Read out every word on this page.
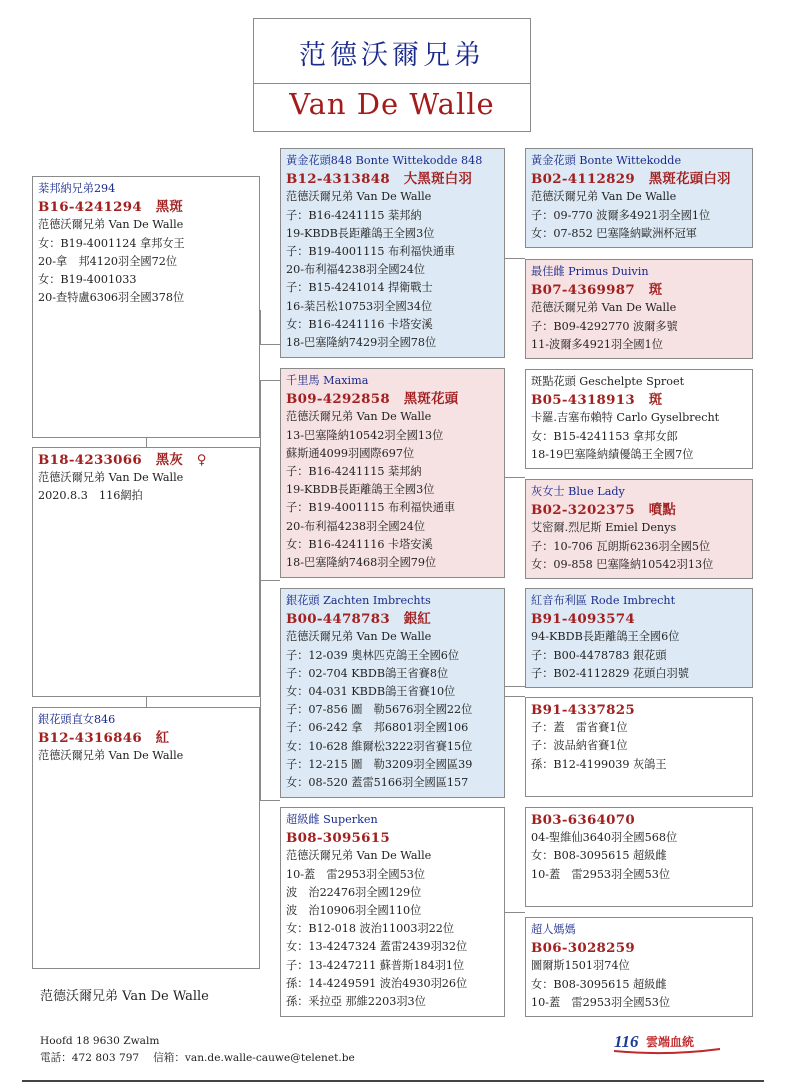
范德沃爾兄弟
Van De Walle
B18-4233066　黑灰　♀
范德沃爾兄弟 Van De Walle
2020.8.3　116網拍
棻邦納兄弟294
B16-4241294　黑斑
范德沃爾兄弟 Van De Walle
女：B19-4001124 拿邦女王
20-拿　邦4120羽全國72位
女：B19-4001033
20-查特盧6306羽全國378位
銀花頭直女846
B12-4316846　紅
范德沃爾兄弟 Van De Walle
黃金花頭848 Bonte Wittekodde 848
B12-4313848　大黑斑白羽
范德沃爾兄弟 Van De Walle
子：B16-4241115 棻邦納
19-KBDB長距離鴿王全國3位
子：B19-4001115 布利福快通車
20-布利福4238羽全國24位
子：B15-4241014 捍衛戰士
16-棻呂松10753羽全國34位
女：B16-4241116 卡塔安溪
18-巴塞隆納7429羽全國78位
千里馬 Maxima
B09-4292858　黑斑花頭
范德沃爾兄弟 Van De Walle
13-巴塞隆納10542羽全國13位
蘇斯通4099羽國際697位
子：B16-4241115 棻邦納
19-KBDB長距離鴿王全國3位
子：B19-4001115 布利福快通車
20-布利福4238羽全國24位
女：B16-4241116 卡塔安溪
18-巴塞隆納7468羽全國79位
銀花頭 Zachten Imbrechts
B00-4478783　銀紅
范德沃爾兄弟 Van De Walle
子：12-039 奧林匹克鴿王全國6位
子：02-704 KBDB鴿王省賽8位
女：04-031 KBDB鴿王省賽10位
子：07-856 圖　勒5676羽全國22位
子：06-242 拿　邦6801羽全國106
女：10-628 維爾松3222羽省賽15位
子：12-215 圖　勒3209羽全國區39
女：08-520 蓋雷5166羽全國區157
超級雌 Superken
B08-3095615
范德沃爾兄弟 Van De Walle
10-蓋　雷2953羽全國53位
波　治22476羽全國129位
波　治10906羽全國110位
女：B12-018 波治11003羽22位
女：13-4247324 蓋雷2439羽32位
子：13-4247211 蘇普斯184羽1位
孫：14-4249591 波治4930羽26位
孫：釆拉亞 那維2203羽3位
黃金花頭 Bonte Wittekodde
B02-4112829　黑斑花頭白羽
范德沃爾兄弟 Van De Walle
子：09-770 波爾多4921羽全國1位
女：07-852 巴塞隆納歐洲杯冠軍
最佳雌 Primus Duivin
B07-4369987　斑
范德沃爾兄弟 Van De Walle
子：B09-4292770 波爾多號
11-波爾多4921羽全國1位
斑點花頭 Geschelpte Sproet
B05-4318913　斑
卡羅.吉塞布賴特 Carlo Gyselbrecht
女：B15-4241153 拿邦女郎
18-19巴塞隆納績優鴿王全國7位
灰女士 Blue Lady
B02-3202375　噴點
艾密爾.烈尼斯 Emiel Denys
子：10-706 瓦朗斯6236羽全國5位
女：09-858 巴塞隆納10542羽13位
紅音布利區 Rode Imbrecht
B91-4093574
94-KBDB長距離鴿王全國6位
子：B00-4478783 銀花頭
子：B02-4112829 花頭白羽號
B91-4337825
子：蓋　雷省賽1位
子：波品納省賽1位
孫：B12-4199039 灰鴿王
B03-6364070
04-聖維仙3640羽全國568位
女：B08-3095615 超級雌
10-蓋　雷2953羽全國53位
超人媽媽
B06-3028259
圖爾斯1501羽74位
女：B08-3095615 超級雌
10-蓋　雷2953羽全國53位
范德沃爾兄弟 Van De Walle
Hoofd 18 9630 Zwalm
電話：472 803 797　 信箱：van.de.walle-cauwe@telenet.be
116 雲端血統
